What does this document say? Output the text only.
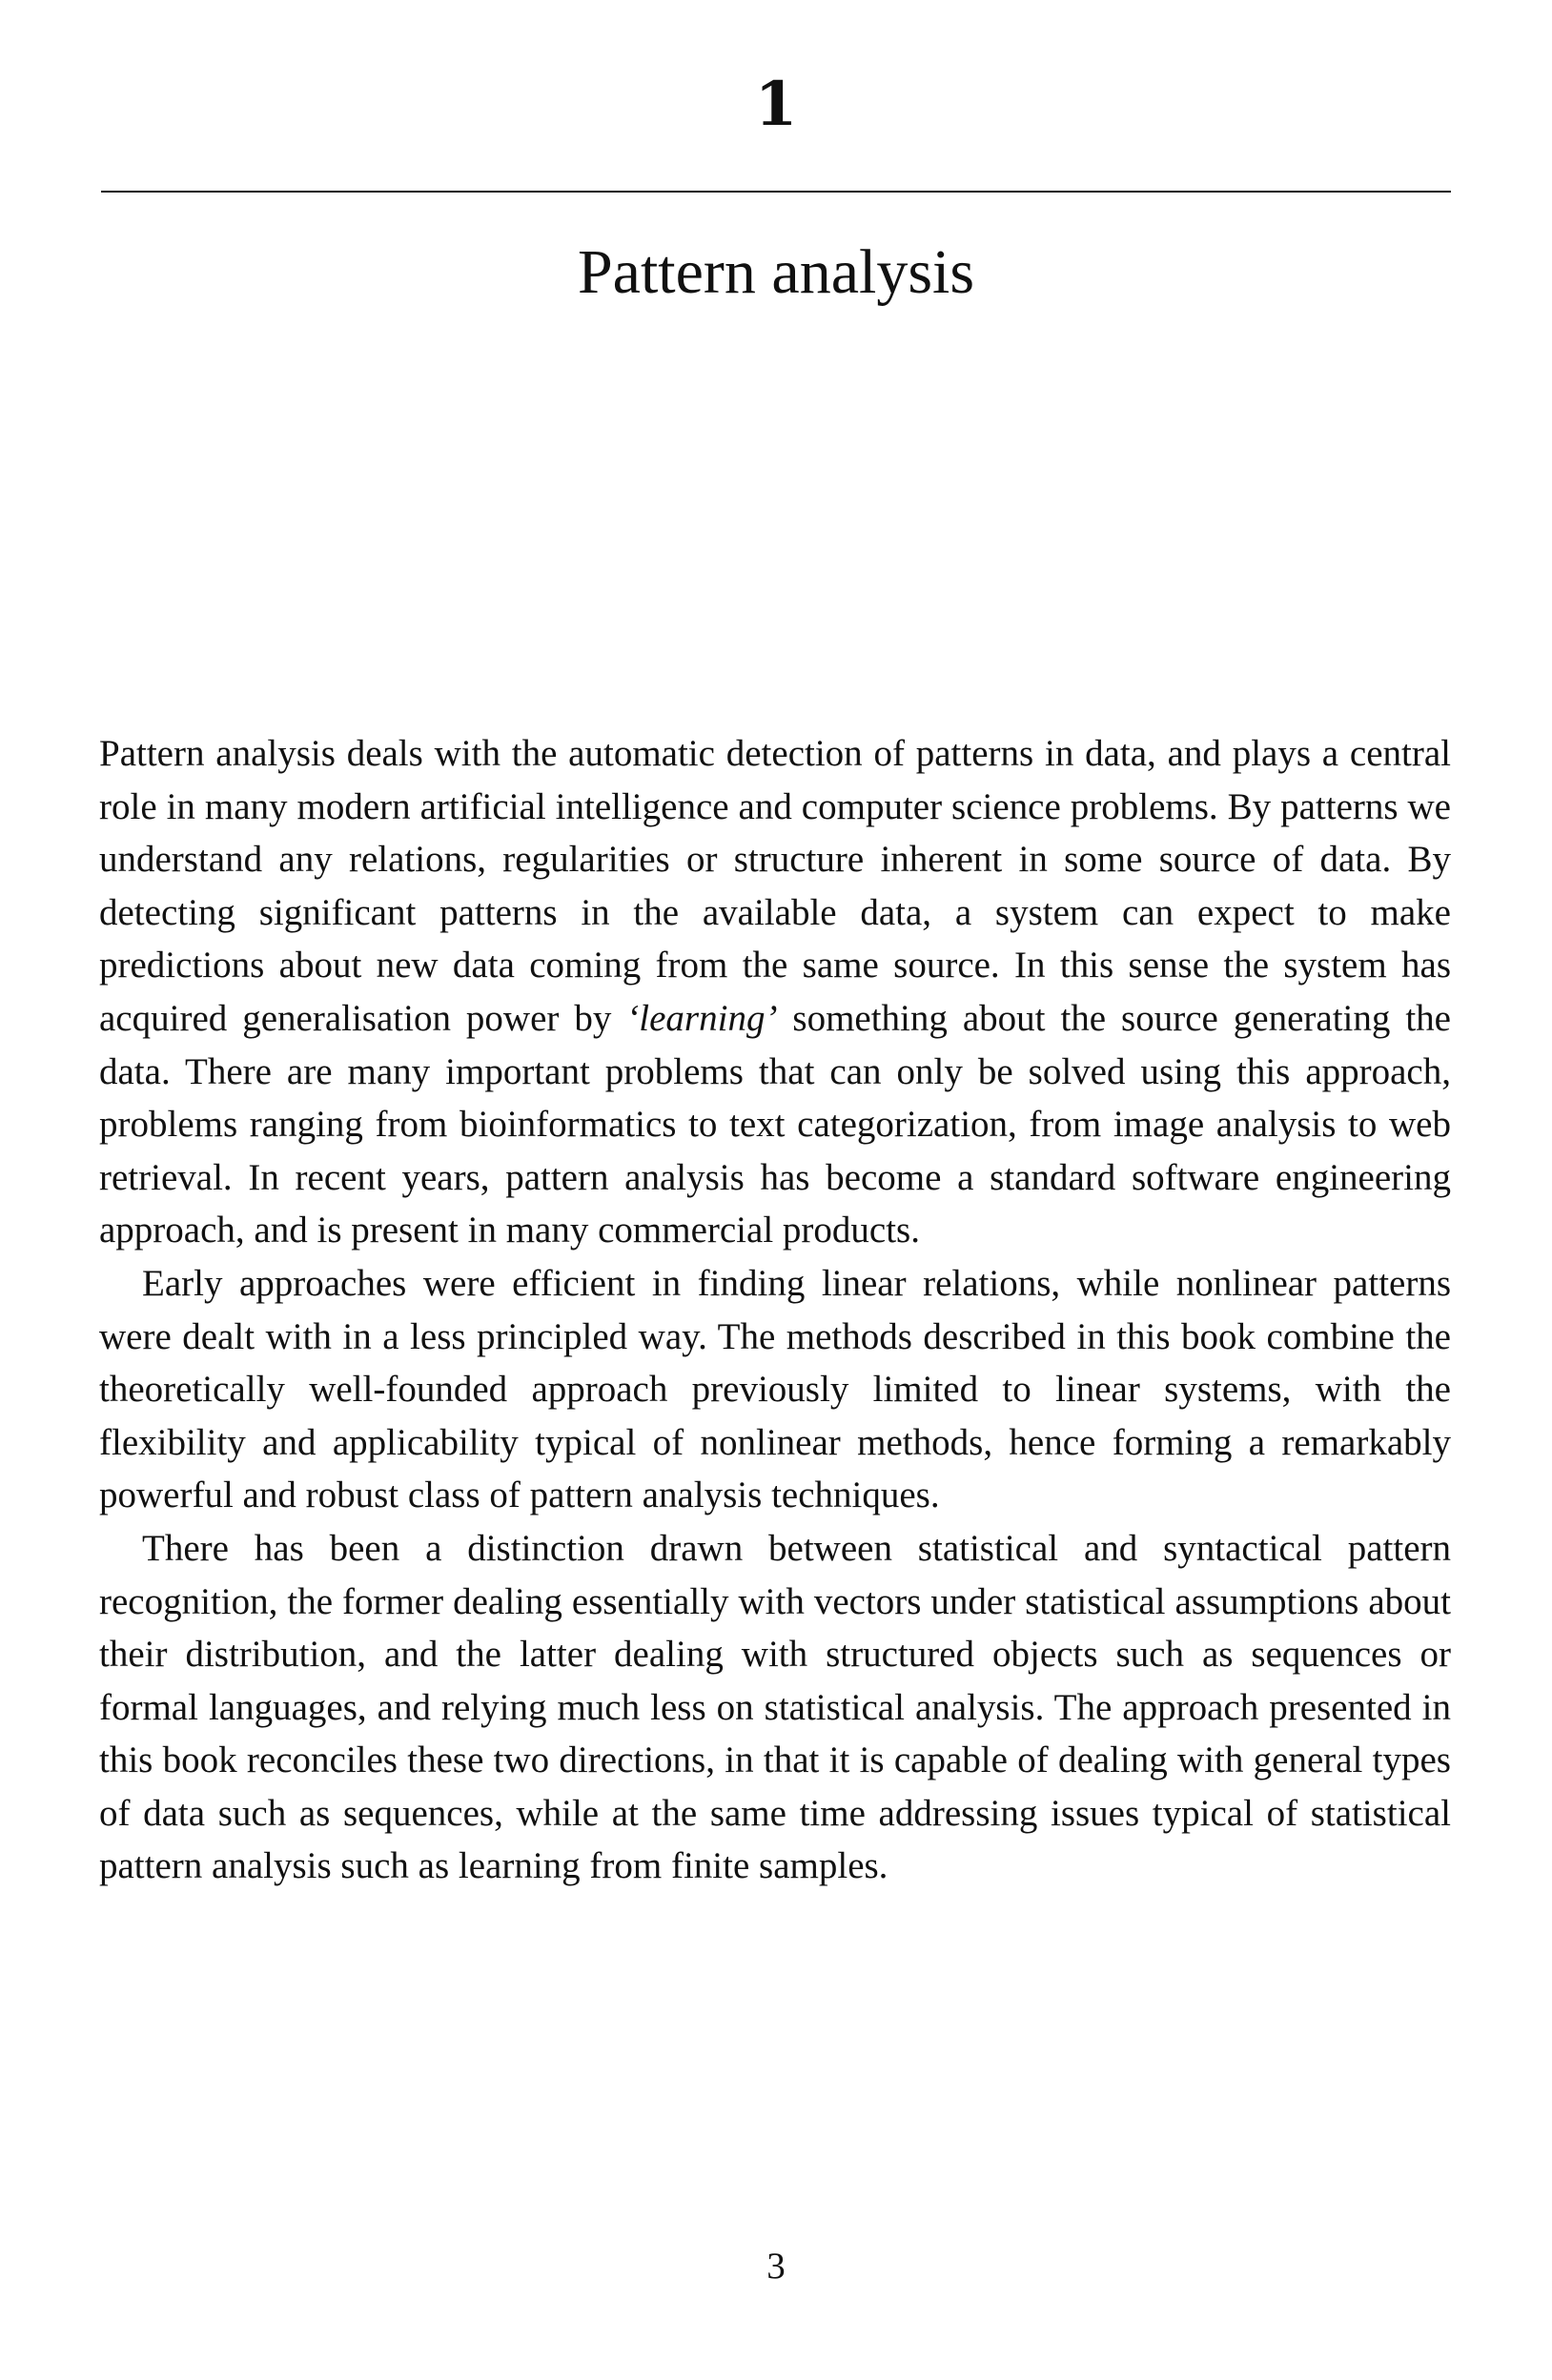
1
Pattern analysis

Pattern analysis deals with the automatic detection of patterns in data, and plays a central role in many modern artificial intelligence and computer science problems. By patterns we understand any relations, regularities or structure inherent in some source of data. By detecting significant patterns in the available data, a system can expect to make predictions about new data coming from the same source. In this sense the system has acquired generalisation power by ‘learning’ something about the source generating the data. There are many important problems that can only be solved using this approach, problems ranging from bioinformatics to text categorization, from image analysis to web retrieval. In recent years, pattern analysis has become a standard software engineering approach, and is present in many commercial products.

Early approaches were efficient in finding linear relations, while nonlinear patterns were dealt with in a less principled way. The methods described in this book combine the theoretically well-founded approach previously limited to linear systems, with the flexibility and applicability typical of nonlinear methods, hence forming a remarkably powerful and robust class of pattern analysis techniques.

There has been a distinction drawn between statistical and syntactical pattern recognition, the former dealing essentially with vectors under statistical assumptions about their distribution, and the latter dealing with structured objects such as sequences or formal languages, and relying much less on statistical analysis. The approach presented in this book reconciles these two directions, in that it is capable of dealing with general types of data such as sequences, while at the same time addressing issues typical of statistical pattern analysis such as learning from finite samples.

3
